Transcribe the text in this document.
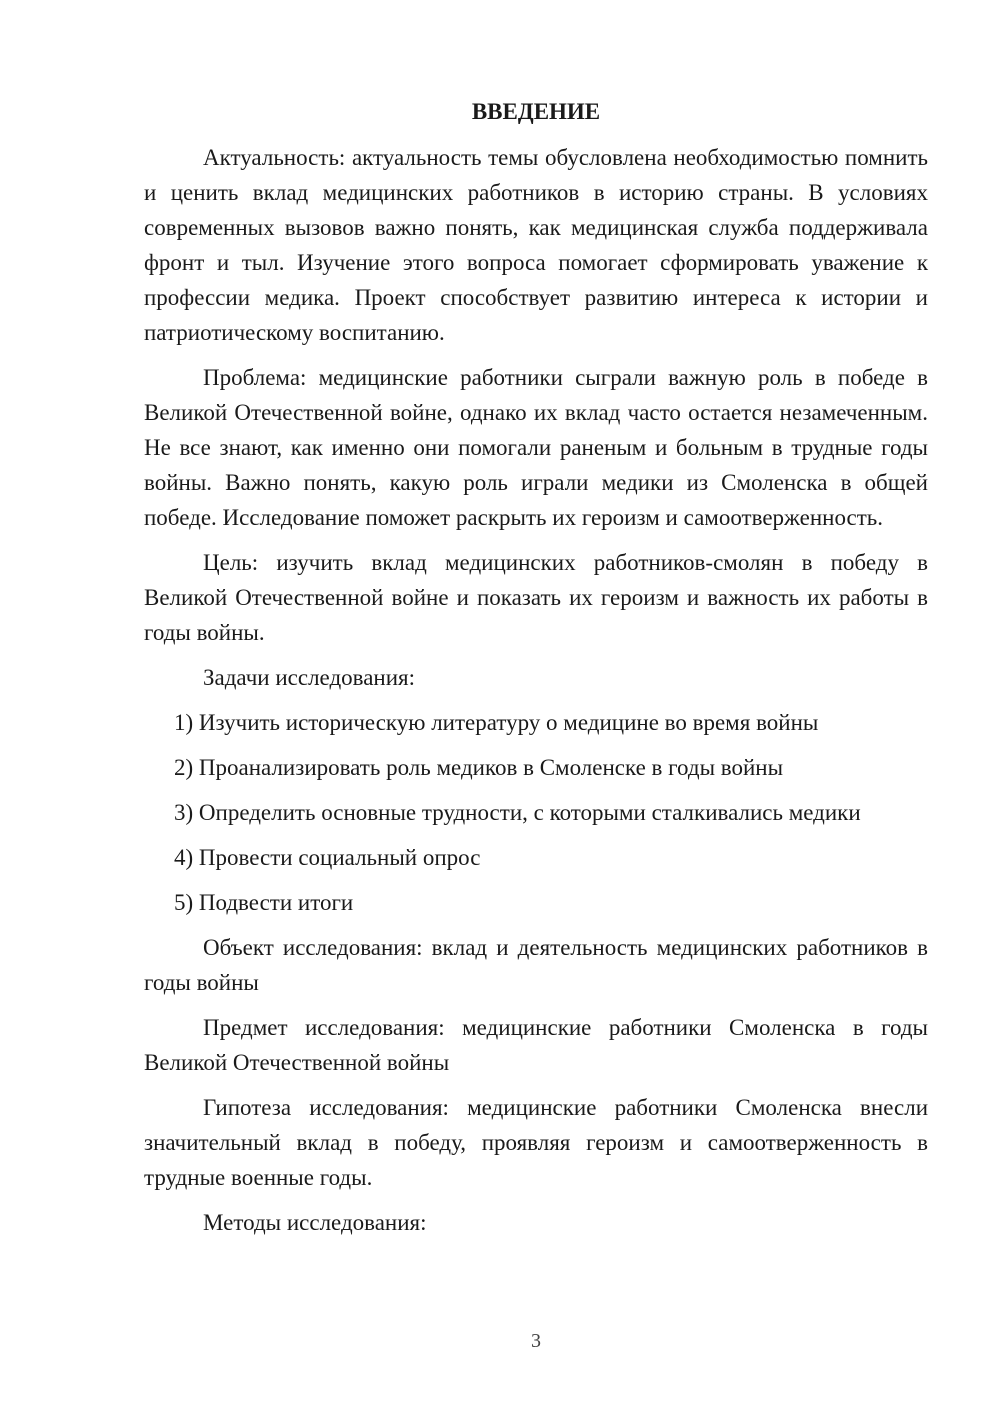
ВВЕДЕНИЕ

Актуальность: актуальность темы обусловлена необходимостью помнить и ценить вклад медицинских работников в историю страны. В условиях современных вызовов важно понять, как медицинская служба поддерживала фронт и тыл. Изучение этого вопроса помогает сформировать уважение к профессии медика. Проект способствует развитию интереса к истории и патриотическому воспитанию.

Проблема: медицинские работники сыграли важную роль в победе в Великой Отечественной войне, однако их вклад часто остается незамеченным. Не все знают, как именно они помогали раненым и больным в трудные годы войны. Важно понять, какую роль играли медики из Смоленска в общей победе. Исследование поможет раскрыть их героизм и самоотверженность.

Цель: изучить вклад медицинских работников-смолян в победу в Великой Отечественной войне и показать их героизм и важность их работы в годы войны.

Задачи исследования:

1) Изучить историческую литературу о медицине во время войны
2) Проанализировать роль медиков в Смоленске в годы войны
3) Определить основные трудности, с которыми сталкивались медики
4) Провести социальный опрос
5) Подвести итоги

Объект исследования: вклад и деятельность медицинских работников в годы войны

Предмет исследования: медицинские работники Смоленска в годы Великой Отечественной войны

Гипотеза исследования: медицинские работники Смоленска внесли значительный вклад в победу, проявляя героизм и самоотверженность в трудные военные годы.

Методы исследования:

3
